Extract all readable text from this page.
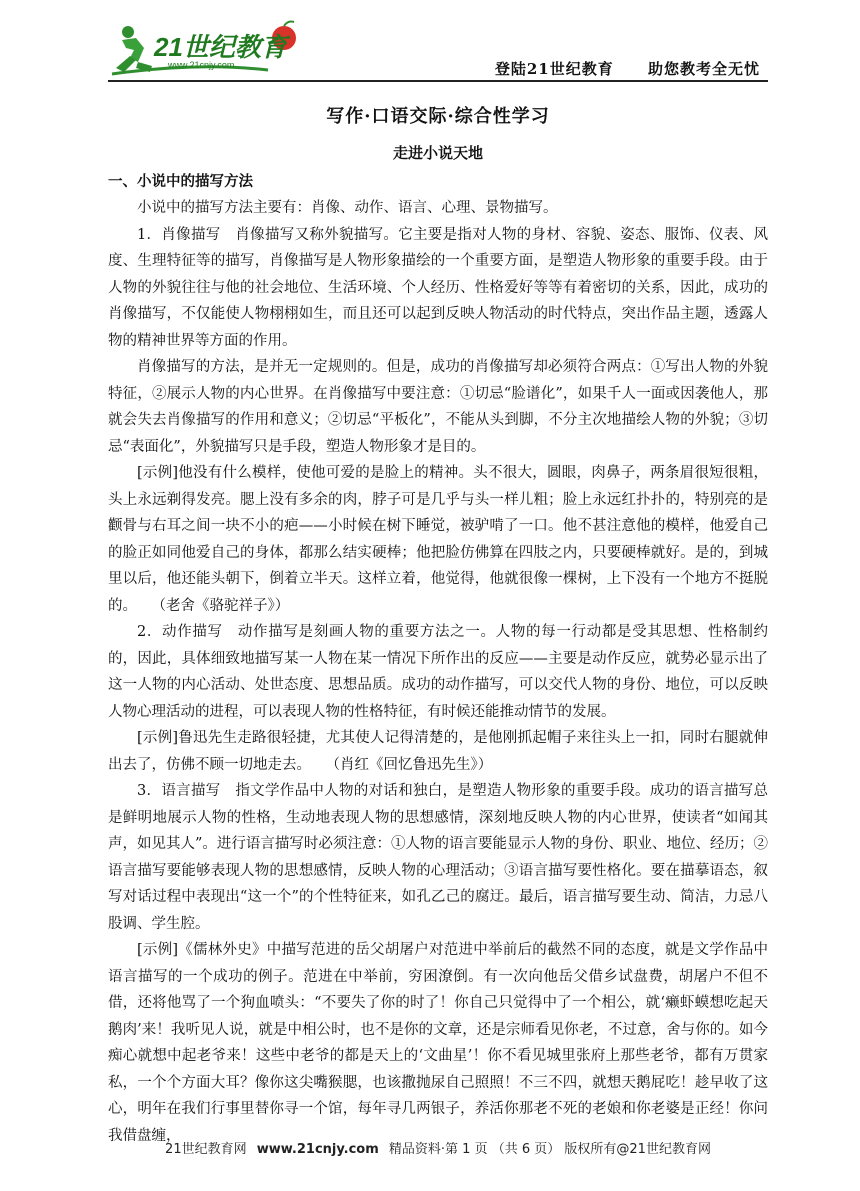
21世纪教育
www.21cnjy.com	登陆21世纪教育 助您教考全无忧

写作·口语交际·综合性学习

走进小说天地

一、小说中的描写方法

小说中的描写方法主要有：肖像、动作、语言、心理、景物描写。

1．肖像描写　肖像描写又称外貌描写。它主要是指对人物的身材、容貌、姿态、服饰、仪表、风度、生理特征等的描写，肖像描写是人物形象描绘的一个重要方面，是塑造人物形象的重要手段。由于人物的外貌往往与他的社会地位、生活环境、个人经历、性格爱好等等有着密切的关系，因此，成功的肖像描写，不仅能使人物栩栩如生，而且还可以起到反映人物活动的时代特点，突出作品主题，透露人物的精神世界等方面的作用。

肖像描写的方法，是并无一定规则的。但是，成功的肖像描写却必须符合两点：①写出人物的外貌特征，②展示人物的内心世界。在肖像描写中要注意：①切忌“脸谱化”，如果千人一面或因袭他人，那就会失去肖像描写的作用和意义；②切忌“平板化”，不能从头到脚，不分主次地描绘人物的外貌；③切忌“表面化”，外貌描写只是手段，塑造人物形象才是目的。

[示例]他没有什么模样，使他可爱的是脸上的精神。头不很大，圆眼，肉鼻子，两条眉很短很粗，头上永远剃得发亮。腮上没有多余的肉，脖子可是几乎与头一样儿粗；脸上永远红扑扑的，特别亮的是颧骨与右耳之间一块不小的疤——小时候在树下睡觉，被驴啃了一口。他不甚注意他的模样，他爱自己的脸正如同他爱自己的身体，都那么结实硬棒；他把脸仿佛算在四肢之内，只要硬棒就好。是的，到城里以后，他还能头朝下，倒着立半天。这样立着，他觉得，他就很像一棵树，上下没有一个地方不挺脱的。　　（老舍《骆驼祥子》）

2．动作描写　动作描写是刻画人物的重要方法之一。人物的每一行动都是受其思想、性格制约的，因此，具体细致地描写某一人物在某一情况下所作出的反应——主要是动作反应，就势必显示出了这一人物的内心活动、处世态度、思想品质。成功的动作描写，可以交代人物的身份、地位，可以反映人物心理活动的进程，可以表现人物的性格特征，有时候还能推动情节的发展。

[示例]鲁迅先生走路很轻捷，尤其使人记得清楚的，是他刚抓起帽子来往头上一扣，同时右腿就伸出去了，仿佛不顾一切地走去。　　（肖红《回忆鲁迅先生》）

3．语言描写　指文学作品中人物的对话和独白，是塑造人物形象的重要手段。成功的语言描写总是鲜明地展示人物的性格，生动地表现人物的思想感情，深刻地反映人物的内心世界，使读者“如闻其声，如见其人”。进行语言描写时必须注意：①人物的语言要能显示人物的身份、职业、地位、经历；②语言描写要能够表现人物的思想感情，反映人物的心理活动；③语言描写要性格化。要在描摹语态，叙写对话过程中表现出“这一个”的个性特征来，如孔乙己的腐迂。最后，语言描写要生动、简洁，力忌八股调、学生腔。

[示例]《儒林外史》中描写范进的岳父胡屠户对范进中举前后的截然不同的态度，就是文学作品中语言描写的一个成功的例子。范进在中举前，穷困潦倒。有一次向他岳父借乡试盘费，胡屠户不但不借，还将他骂了一个狗血喷头：“不要失了你的时了！你自己只觉得中了一个相公，就‘癞虾蟆想吃起天鹅肉’来！我听见人说，就是中相公时，也不是你的文章，还是宗师看见你老，不过意，舍与你的。如今痴心就想中起老爷来！这些中老爷的都是天上的‘文曲星’！你不看见城里张府上那些老爷，都有万贯家私，一个个方面大耳？像你这尖嘴猴腮，也该撒抛尿自己照照！不三不四，就想天鹅屁吃！趁早收了这心，明年在我们行事里替你寻一个馆，每年寻几两银子，养活你那老不死的老娘和你老婆是正经！你问我借盘缠，

21世纪教育网 www.21cnjy.com 精品资料·第 1 页 （共 6 页） 版权所有@21世纪教育网
